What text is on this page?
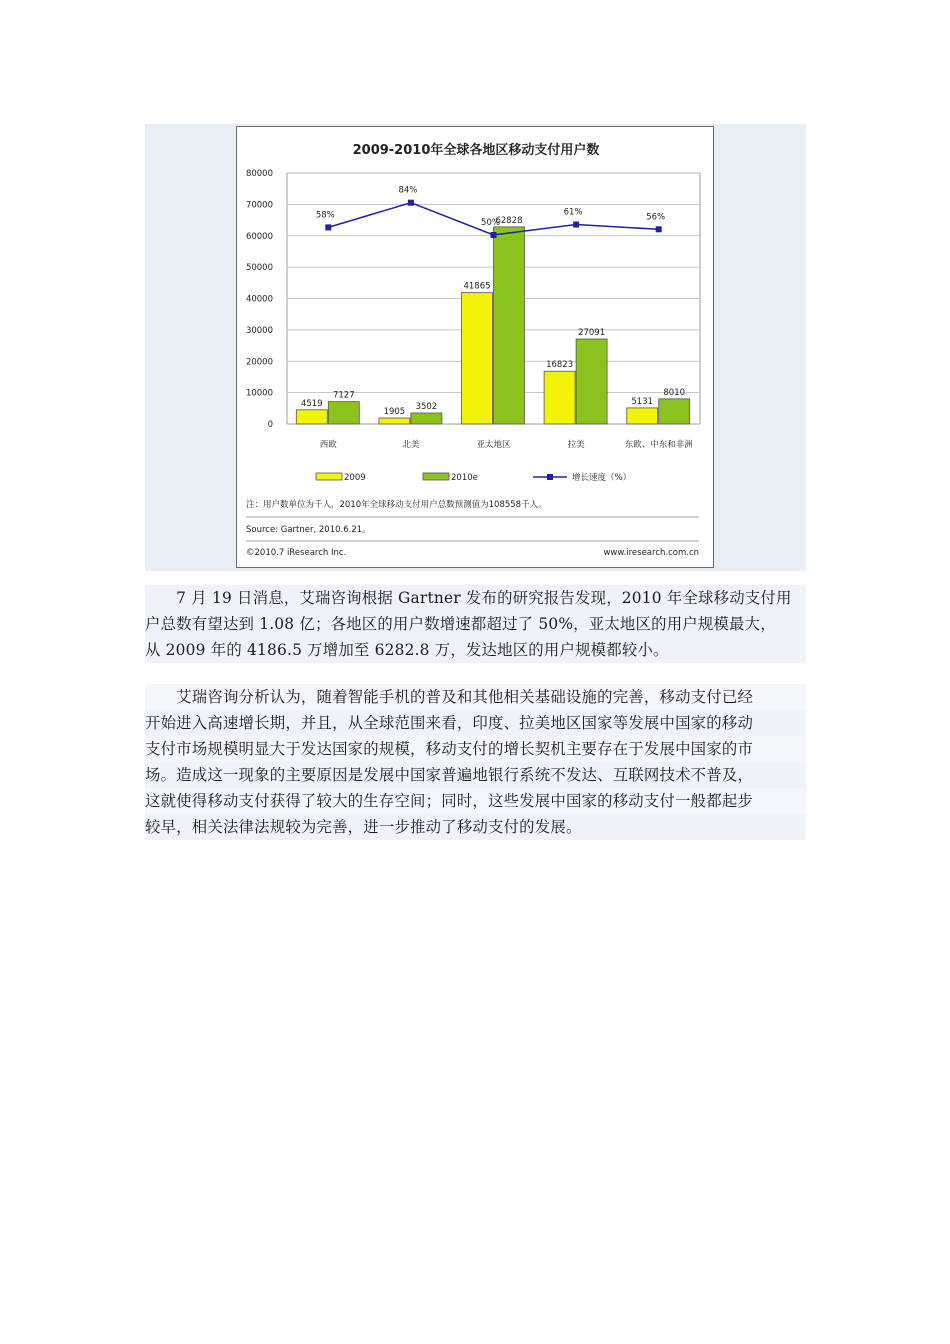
2009-2010年全球各地区移动支付用户数
0
10000
20000
30000
40000
50000
60000
70000
80000
4519
7127
西欧
1905
3502
北美
41865
62828
亚太地区
16823
27091
拉美
5131
8010
东欧、中东和非洲
58%
84%
50%
61%	56%
2009	2010e	增长速度（%）
注：用户数单位为千人，2010年全球移动支付用户总数预测值为108558千人。
Source: Gartner, 2010.6.21。
©2010.7 iResearch Inc.	www.iresearch.com.cn
　　7 月 19 日消息，艾瑞咨询根据 Gartner 发布的研究报告发现，2010 年全球移动支付用
户总数有望达到 1.08 亿；各地区的用户数增速都超过了 50%，亚太地区的用户规模最大，
从 2009 年的 4186.5 万增加至 6282.8 万，发达地区的用户规模都较小。
　　艾瑞咨询分析认为，随着智能手机的普及和其他相关基础设施的完善，移动支付已经
开始进入高速增长期，并且，从全球范围来看，印度、拉美地区国家等发展中国家的移动
支付市场规模明显大于发达国家的规模，移动支付的增长契机主要存在于发展中国家的市
场。造成这一现象的主要原因是发展中国家普遍地银行系统不发达、互联网技术不普及，
这就使得移动支付获得了较大的生存空间；同时，这些发展中国家的移动支付一般都起步
较早，相关法律法规较为完善，进一步推动了移动支付的发展。
